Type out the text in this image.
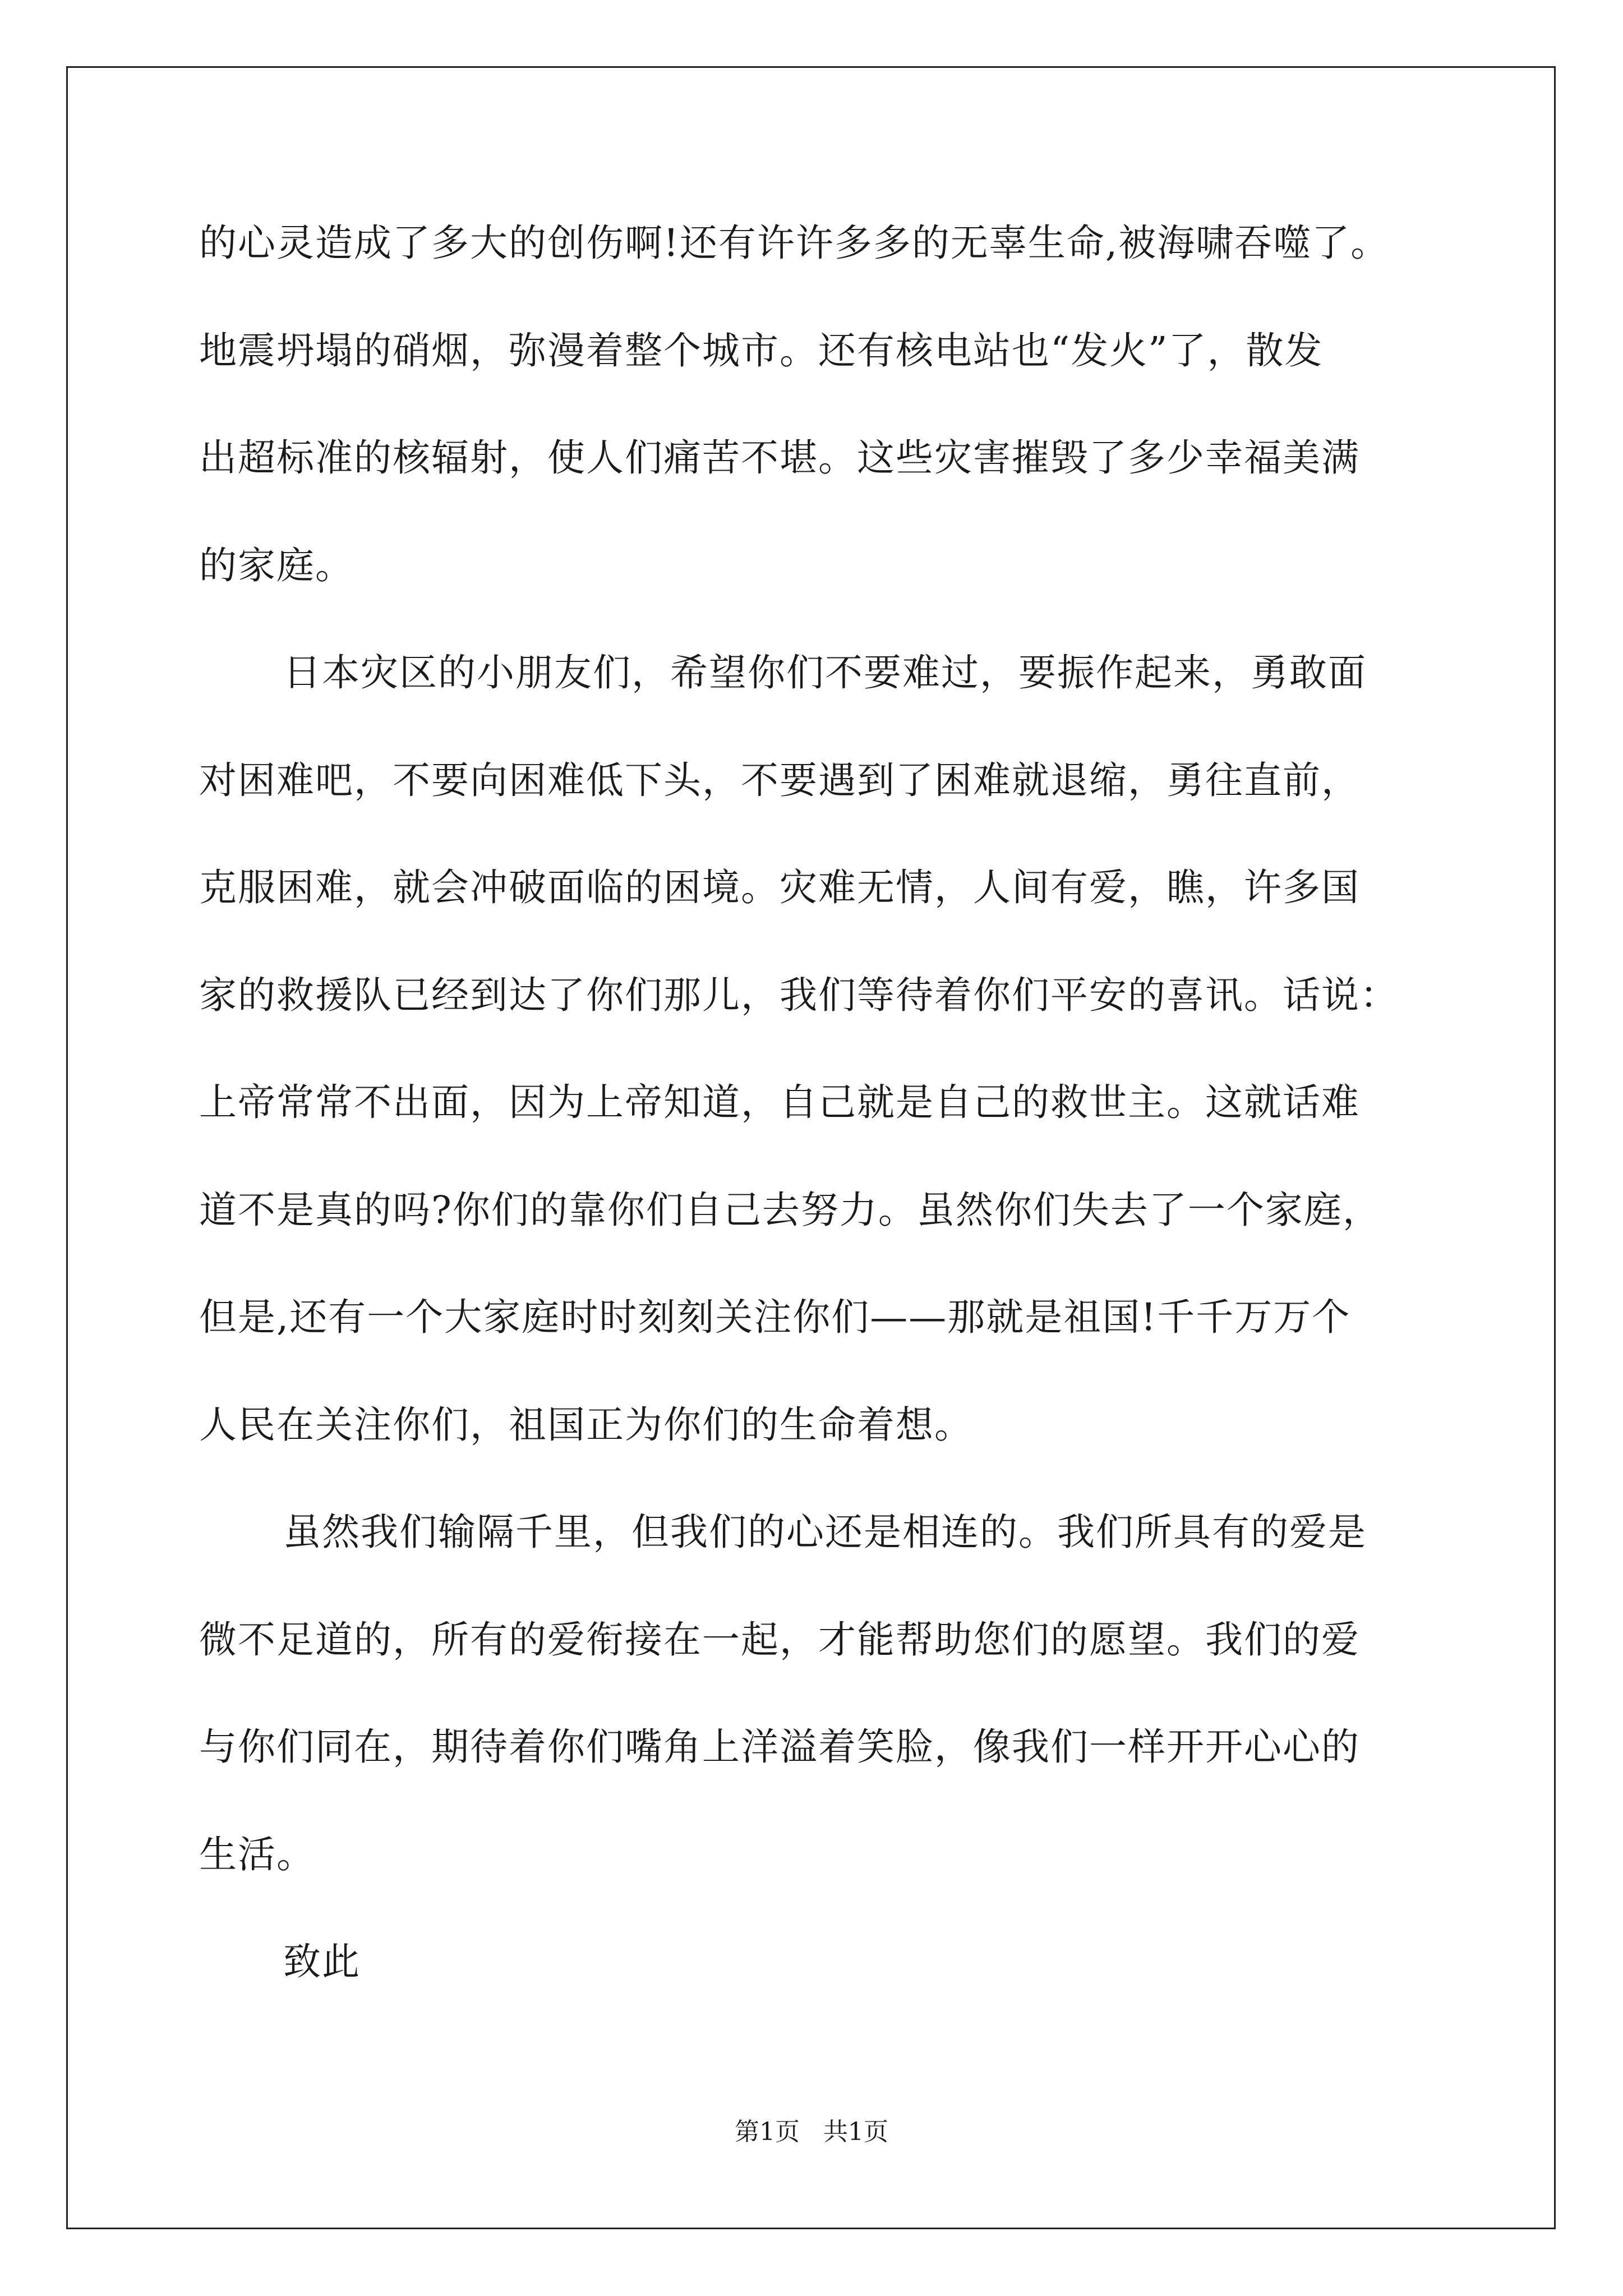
的心灵造成了多大的创伤啊!还有许许多多的无辜生命,被海啸吞噬了。
地震坍塌的硝烟，弥漫着整个城市。还有核电站也“发火”了，散发
出超标准的核辐射，使人们痛苦不堪。这些灾害摧毁了多少幸福美满
的家庭。
日本灾区的小朋友们，希望你们不要难过，要振作起来，勇敢面
对困难吧，不要向困难低下头，不要遇到了困难就退缩，勇往直前，
克服困难，就会冲破面临的困境。灾难无情，人间有爱，瞧，许多国
家的救援队已经到达了你们那儿，我们等待着你们平安的喜讯。话说：
上帝常常不出面，因为上帝知道，自己就是自己的救世主。这就话难
道不是真的吗?你们的靠你们自己去努力。虽然你们失去了一个家庭，
但是,还有一个大家庭时时刻刻关注你们——那就是祖国!千千万万个
人民在关注你们，祖国正为你们的生命着想。
虽然我们输隔千里，但我们的心还是相连的。我们所具有的爱是
微不足道的，所有的爱衔接在一起，才能帮助您们的愿望。我们的爱
与你们同在，期待着你们嘴角上洋溢着笑脸，像我们一样开开心心的
生活。
致此
第1页 共1页
